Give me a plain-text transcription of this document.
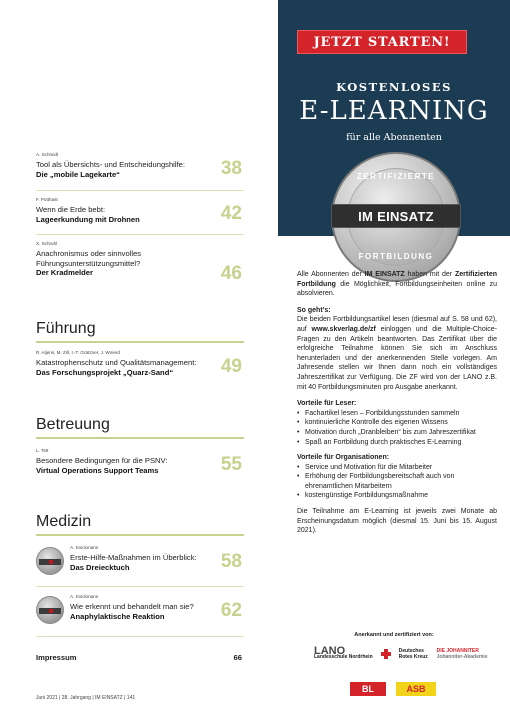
A. Schmidt
Tool als Übersichts- und Entscheidungshilfe:
Die „mobile Lagekarte“	38
F. Potthast
Wenn die Erde bebt:
Lageerkundung mit Drohnen	42
X. Schruhl
Anachronismus oder sinnvolles Führungsunterstützungsmittel?
Der Kradmelder	46
Führung
R. Aljens, M. Zill, I.-T. Grätzner, J. Wnierd
Katastrophenschutz und Qualitätsmanagement:
Das Forschungsprojekt „Quarz-Sand“	49
Betreuung
L. Tett
Besondere Bedingungen für die PSNV:
Virtual Operations Support Teams	55
Medizin
A. Knickmann
Erste-Hilfe-Maßnahmen im Überblick:
Das Dreiecktuch	58
A. Knickmann
Wie erkennt und behandelt man sie?
Anaphylaktische Reaktion	62
Impressum	66
Juni 2021 | 28. Jahrgang | IM EINSATZ | 141
JETZT STARTEN!
KOSTENLOSES
E-LEARNING
für alle Abonnenten
ZERTIFIZIERTE
IM EINSATZ
FORTBILDUNG

Alle Abonnenten der IM EINSATZ haben mit der Zertifizierten Fortbildung die Möglichkeit, Fortbildungseinheiten online zu absolvieren.

So geht’s:

Die beiden Fortbildungsartikel lesen (diesmal auf S. 58 und 62), auf www.skverlag.de/zf einloggen und die Multiple-Choice-Fragen zu den Artikeln beantworten. Das Zertifikat über die erfolgreiche Teilnahme können Sie sich im Anschluss herunterladen und der anerkennenden Stelle vorlegen. Am Jahresende stellen wir Ihnen dann noch ein vollständiges Jahreszertifikat zur Verfügung. Die ZF wird von der LANO z.B. mit 40 Fortbildungsminuten pro Ausgabe anerkannt.

Vorteile für Leser:
• Fachartikel lesen – Fortbildungsstunden sammeln
• kontinuierliche Kontrolle des eigenen Wissens
• Motivation durch „Dranbleiben“ bis zum Jahreszertifikat
• Spaß an Fortbildung durch praktisches E-Learning
Vorteile für Organisationen:
• Service und Motivation für die Mitarbeiter
• Erhöhung der Fortbildungsbereitschaft auch von ehrenamtlichen Mitarbeitern
• kostengünstige Fortbildungsmaßnahme

Die Teilnahme am E-Learning ist jeweils zwei Monate ab Erscheinungsdatum möglich (diesmal 15. Juni bis 15. August 2021).

Anerkannt und zertifiziert von:
LANO
Landesschule Nordrhein
Deutsches Rotes Kreuz
DIE JOHANNITER
Johanniter-Akademie
BL	ASB
